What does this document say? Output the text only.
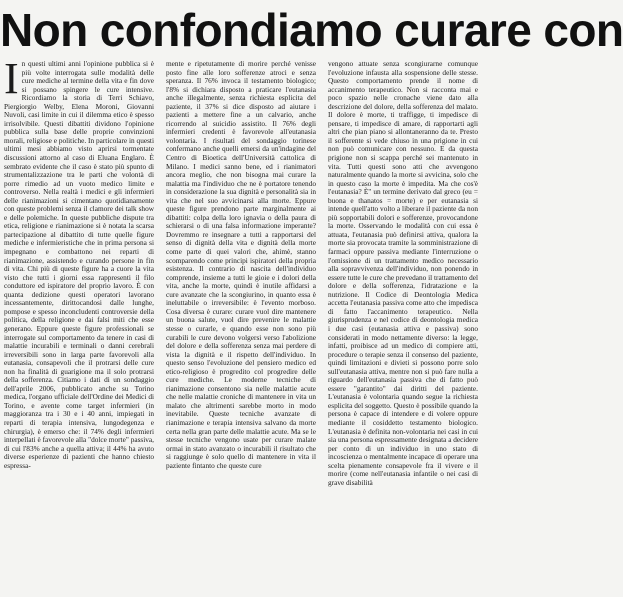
Non confondiamo curare con

In questi ultimi anni l'opinione pubblica si è più volte interrogata sulle modalità delle cure mediche al termine della vita e fin dove si possano spingere le cure intensive. Ricordiamo la storia di Terri Schiavo, Piergiorgio Welby, Elena Moroni, Giovanni Nuvoli, casi limite in cui il dilemma etico è spesso irrisolvibile. Questi dibattiti dividono l'opinione pubblica sulla base delle proprie convinzioni morali, religiose e politiche. In particolare in questi ultimi mesi abbiamo visto aprirsi tormentate discussioni attorno al caso di Eluana Englaro. È sembrato evidente che il caso è stato più spunto di strumentalizzazione tra le parti che volontà di porre rimedio ad un vuoto medico limite e controverso. Nella realtà i medici e gli infermieri delle rianimazioni si cimentano quotidianamente con queste problemi senza il clamore dei talk show e delle polemiche. In queste pubbliche dispute tra etica, religione e rianimazione si è notata la scarsa partecipazione al dibattito di tutte quelle figure mediche e infermieristiche che in prima persona si impegnano e combattono nei reparti di rianimazione, assistendo e curando persone in fin di vita. Chi più di queste figure ha a cuore la vita visto che tutti i giorni essa rappresenti il filo conduttore ed ispiratore del proprio lavoro. È con quanta dedizione questi operatori lavorano incessantemente, dirittocandosi dalle lunghe, pompose e spesso inconcludenti controversie della politica, della religione e dai falsi miti che esse generano. Eppure queste figure professionali se interrogate sul comportamento da tenere in casi di malattie incurabili e terminali o danni cerebrali irreversibili sono in larga parte favorevoli alla eutanasia, consapevoli che il protrarsi delle cure non ha finalità di guarigione ma il solo protrarsi della sofferenza. Citiamo i dati di un sondaggio dell'aprile 2006, pubblicato anche su Torino medica, l'organo ufficiale dell'Ordine dei Medici di Torino, e avente come target infermieri (in maggioranza tra i 30 e i 40 anni, impiegati in reparti di terapia intensiva, lungodegenza e chirurgia), è emerso che: il 74% degli infermieri interpellati è favorevole alla "dolce morte" passiva, di cui l'83% anche a quella attiva; il 44% ha avuto diverse esperienze di pazienti che hanno chiesto espressa-

mente e ripetutamente di morire perché venisse posto fine alle loro sofferenze atroci e senza speranza. Il 76% invoca il testamento biologico; l'8% si dichiara disposto a praticare l'eutanasia anche illegalmente, senza richiesta esplicita del paziente, il 37% si dice disposto ad aiutare i pazienti a mettere fine a un calvario, anche ricorrendo al suicidio assistito. Il 76% degli infermieri credenti è favorevole all'eutanasia volontaria. I risultati del sondaggio torinese confermano anche quelli emersi da un'indagine del Centro di Bioetica dell'Università cattolica di Milano. I medici sanno bene, ed i rianimatori ancora meglio, che non bisogna mai curare la malattia ma l'individuo che ne è portatore tenendo in considerazione la sua dignità e personalità sia in vita che nel suo avvicinarsi alla morte. Eppure queste figure prendono parte marginalmente ai dibattiti: colpa della loro ignavia o della paura di schierarsi o di una falsa informazione imperante? Dovremmo re insegnare a tutti a rapportarsi del senso di dignità della vita e dignità della morte come parte di quei valori che, ahimè, stanno scomparendo come principi ispiratori della propria esistenza. Il contrario di nascita dell'individuo comprende, insieme a tutti le gioie e i dolori della vita, anche la morte, quindi è inutile affidarsi a cure avanzate che la scongiurino, in quanto essa è ineluttabile o irreversibile: è l'evento morboso. Cosa diversa è curare: curare vuol dire mantenere un buona salute, vuol dire prevenire le malattie stesse o curarle, e quando esse non sono più curabili le cure devono volgersi verso l'abolizione del dolore e della sofferenza senza mai perdere di vista la dignità e il rispetto dell'individuo. In questo senso l'evoluzione del pensiero medico ed etico-religioso è progredito col progredire delle cure mediche. Le moderne tecniche di rianimazione consentono sia nelle malattie acute che nelle malattie croniche di mantenere in vita un malato che altrimenti sarebbe morto in modo inevitabile. Queste tecniche avanzate di rianimazione e terapia intensiva salvano da morte certa nella gran parte delle malattie acute. Ma se le stesse tecniche vengono usate per curare malate ormai in stato avanzato o incurabili il risultato che si raggiunge è solo quello di mantenere in vita il paziente fintanto che queste cure

vengono attuate senza scongiurarne comunque l'evoluzione infausta alla sospensione delle stesse. Questo comportamento prende il nome di accanimento terapeutico. Non si racconta mai e poco spazio nelle cronache viene dato alla descrizione del dolore, della sofferenza del malato. Il dolore è morte, ti traffigge, ti impedisce di pensare, ti impedisce di amare, di rapportarti agli altri che pian piano si allontaneranno da te. Presto il sofferente si vede chiuso in una prigione in cui non può comunicare con nessuno. E da questa prigione non si scappa perché sei mantenuto in vita. Tutti questi sono atti che avvengono naturalmente quando la morte si avvicina, solo che in questo caso la morte è impedita. Ma che cos'è l'eutanasia? È" un termine derivato dal greco (eu = buona e thanatos = morte) e per eutanasia si intende quell'atto volto a liberare il paziente da non più sopportabili dolori e sofferenze, provocandone la morte. Osservando le modalità con cui essa è attuata, l'eutanasia può definirsi attiva, qualora la morte sia provocata tramite la somministrazione di farmaci oppure passiva mediante l'interruzione o l'omissione di un trattamento medico necessario alla sopravvivenza dell'individuo, non ponendo in essere tutte le cure che prevedano il trattamento del dolore e della sofferenza, l'idratazione e la nutrizione. Il Codice di Deontologia Medica accetta l'eutanasia passiva come atto che impedisca di fatto l'accanimento terapeutico. Nella giurisprudenza e nel codice di deontologia medica i due casi (eutanasia attiva e passiva) sono considerati in modo nettamente diverso: la legge, infatti, proibisce ad un medico di compiere atti, procedure o terapie senza il consenso del paziente, quindi limitazioni e divieti si possono porre solo sull'eutanasia attiva, mentre non si può fare nulla a riguardo dell'eutanasia passiva che di fatto può essere "garantito" dai diritti del paziente. L'eutanasia è volontaria quando segue la richiesta esplicita del soggetto. Questo è possibile quando la persona è capace di intendere e di volere oppure mediante il cosiddetto testamento biologico. L'eutanasia è definita non-volontaria nei casi in cui sia una persona espressamente designata a decidere per conto di un individuo in uno stato di incoscienza o mentalmente incapace di operare una scelta pienamente consapevole fra il vivere e il morire (come nell'eutanasia infantile o nei casi di grave disabilità
